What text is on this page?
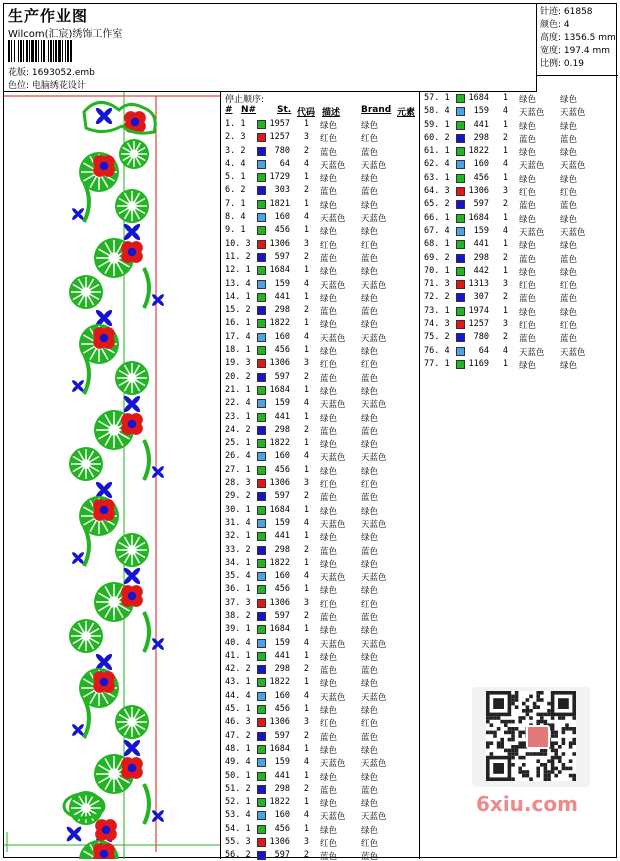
生产作业图
Wilcom(汇宸)绣饰工作室
花版: 1693052.emb
色位: 电脑绣花设计
针迹: 61858
颜色: 4
高度: 1356.5 mm
宽度: 197.4 mm
比例: 0.19
停止顺序:
# N# St. 代码 描述 Brand 元素
1. 1	1957	1 绿色	绿色
2. 3	1257	3 红色	红色
3. 2	780	2 蓝色	蓝色
4. 4	64	4 天蓝色 天蓝色
5. 1	1729	1 绿色	绿色
6. 2	303	2 蓝色	蓝色
7. 1	1821	1 绿色	绿色
8. 4	160	4 天蓝色 天蓝色
9. 1	456	1 绿色	绿色
10. 3 1306	3 红色	红色
11. 2	597	2 蓝色	蓝色
12. 1 1684	1 绿色	绿色
13. 4	159	4 天蓝色 天蓝色
14. 1	441	1 绿色	绿色
15. 2	298	2 蓝色	蓝色
16. 1 1822	1 绿色	绿色
17. 4	160	4 天蓝色 天蓝色
18. 1	456	1 绿色	绿色
19. 3 1306	3 红色	红色
20. 2	597	2 蓝色	蓝色
21. 1 1684	1 绿色	绿色
22. 4	159	4 天蓝色 天蓝色
23. 1	441	1 绿色	绿色
24. 2	298	2 蓝色	蓝色
25. 1 1822	1 绿色	绿色
26. 4	160	4 天蓝色 天蓝色
27. 1	456	1 绿色	绿色
28. 3 1306	3 红色	红色
29. 2	597	2 蓝色	蓝色
30. 1 1684	1 绿色	绿色
31. 4	159	4 天蓝色 天蓝色
32. 1	441	1 绿色	绿色
33. 2	298	2 蓝色	蓝色
34. 1 1822	1 绿色	绿色
35. 4	160	4 天蓝色 天蓝色
36. 1	456	1 绿色	绿色
37. 3 1306	3 红色	红色
38. 2	597	2 蓝色	蓝色
39. 1 1684	1 绿色	绿色
40. 4	159	4 天蓝色 天蓝色
41. 1	441	1 绿色	绿色
42. 2	298	2 蓝色	蓝色
43. 1 1822	1 绿色	绿色
44. 4	160	4 天蓝色 天蓝色
45. 1	456	1 绿色	绿色
46. 3 1306	3 红色	红色
47. 2	597	2 蓝色	蓝色
48. 1 1684	1 绿色	绿色
49. 4	159	4 天蓝色 天蓝色
50. 1	441	1 绿色	绿色
51. 2	298	2 蓝色	蓝色
52. 1 1822	1 绿色	绿色
53. 4	160	4 天蓝色 天蓝色
54. 1	456	1 绿色	绿色
55. 3 1306	3 红色	红色
56. 2	597	2 蓝色	蓝色
57. 1 1684	1 绿色	绿色
58. 4	159	4 天蓝色 天蓝色
59. 1	441	1 绿色	绿色
60. 2	298	2 蓝色	蓝色
61. 1 1822	1 绿色	绿色
62. 4	160	4 天蓝色 天蓝色
63. 1	456	1 绿色	绿色
64. 3 1306	3 红色	红色
65. 2	597	2 蓝色	蓝色
66. 1 1684	1 绿色	绿色
67. 4	159	4 天蓝色 天蓝色
68. 1	441	1 绿色	绿色
69. 2	298	2 蓝色	蓝色
70. 1	442	1 绿色	绿色
71. 3 1313	3 红色	红色
72. 2	307	2 蓝色	蓝色
73. 1 1974	1 绿色	绿色
74. 3 1257	3 红色	红色
75. 2	780	2 蓝色	蓝色
76. 4	64	4 天蓝色 天蓝色
77. 1 1169	1 绿色	绿色
6xiu.com
